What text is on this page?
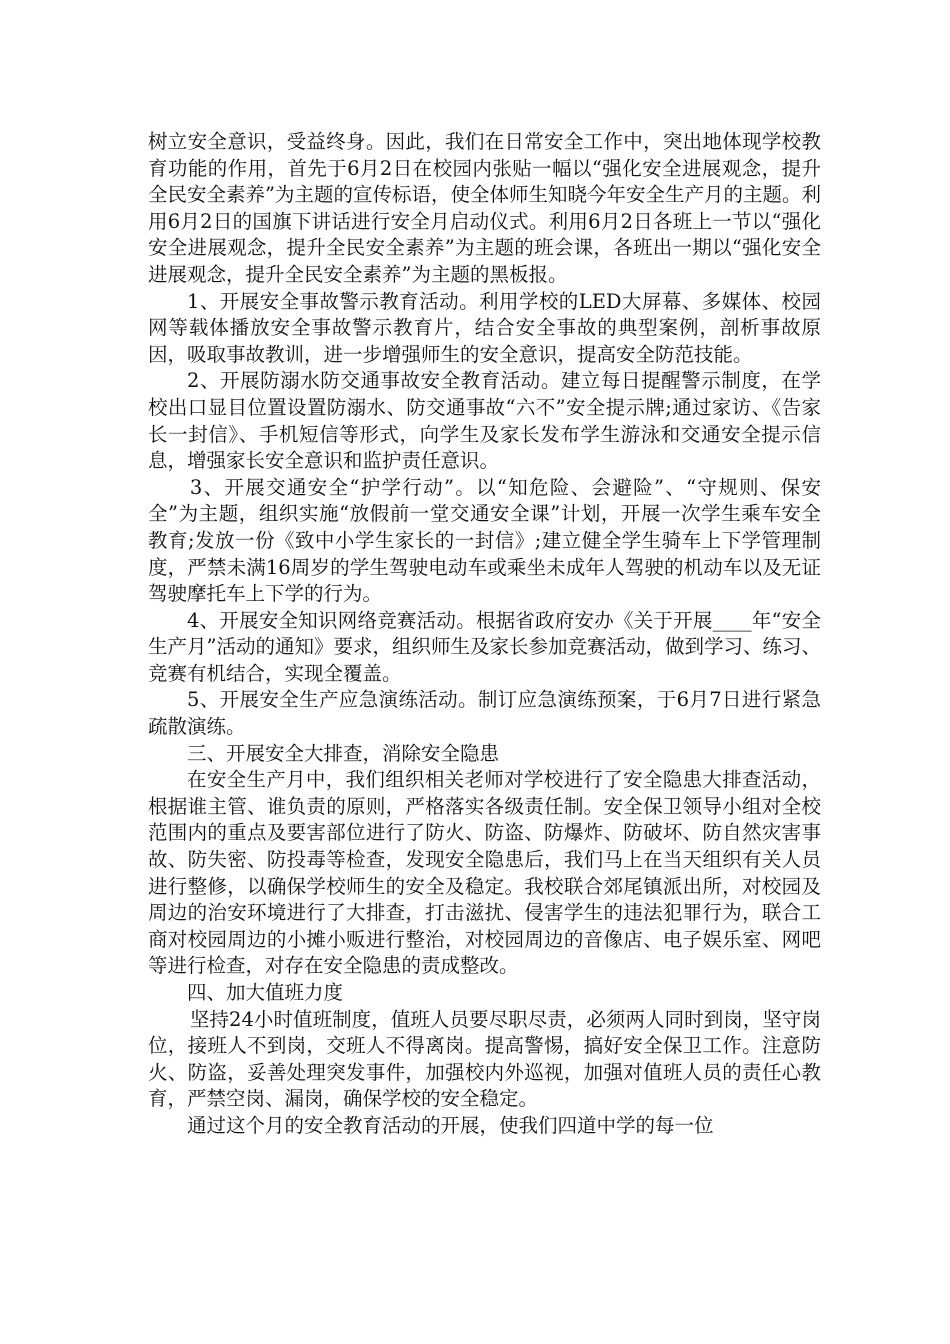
树立安全意识，受益终身。因此，我们在日常安全工作中，突出地体现学校教育功能的作用，首先于6月2日在校园内张贴一幅以“强化安全进展观念，提升全民安全素养”为主题的宣传标语，使全体师生知晓今年安全生产月的主题。利用6月2日的国旗下讲话进行安全月启动仪式。利用6月2日各班上一节以“强化安全进展观念，提升全民安全素养”为主题的班会课，各班出一期以“强化安全进展观念，提升全民安全素养”为主题的黑板报。

1、开展安全事故警示教育活动。利用学校的LED大屏幕、多媒体、校园网等载体播放安全事故警示教育片，结合安全事故的典型案例，剖析事故原因，吸取事故教训，进一步增强师生的安全意识，提高安全防范技能。

2、开展防溺水防交通事故安全教育活动。建立每日提醒警示制度，在学校出口显目位置设置防溺水、防交通事故“六不”安全提示牌;通过家访、《告家长一封信》、手机短信等形式，向学生及家长发布学生游泳和交通安全提示信息，增强家长安全意识和监护责任意识。

3、开展交通安全“护学行动”。以“知危险、会避险”、“守规则、保安全”为主题，组织实施“放假前一堂交通安全课”计划，开展一次学生乘车安全教育;发放一份《致中小学生家长的一封信》;建立健全学生骑车上下学管理制度，严禁未满16周岁的学生驾驶电动车或乘坐未成年人驾驶的机动车以及无证驾驶摩托车上下学的行为。

4、开展安全知识网络竞赛活动。根据省政府安办《关于开展____年“安全生产月”活动的通知》要求，组织师生及家长参加竞赛活动，做到学习、练习、竞赛有机结合，实现全覆盖。

5、开展安全生产应急演练活动。制订应急演练预案，于6月7日进行紧急疏散演练。

三、开展安全大排查，消除安全隐患

在安全生产月中，我们组织相关老师对学校进行了安全隐患大排查活动，根据谁主管、谁负责的原则，严格落实各级责任制。安全保卫领导小组对全校范围内的重点及要害部位进行了防火、防盗、防爆炸、防破坏、防自然灾害事故、防失密、防投毒等检查，发现安全隐患后，我们马上在当天组织有关人员进行整修，以确保学校师生的安全及稳定。我校联合郊尾镇派出所，对校园及周边的治安环境进行了大排查，打击滋扰、侵害学生的违法犯罪行为，联合工商对校园周边的小摊小贩进行整治，对校园周边的音像店、电子娱乐室、网吧等进行检查，对存在安全隐患的责成整改。

四、加大值班力度

坚持24小时值班制度，值班人员要尽职尽责，必须两人同时到岗，坚守岗位，接班人不到岗，交班人不得离岗。提高警惕，搞好安全保卫工作。注意防火、防盗，妥善处理突发事件，加强校内外巡视，加强对值班人员的责任心教育，严禁空岗、漏岗，确保学校的安全稳定。

通过这个月的安全教育活动的开展，使我们四道中学的每一位
